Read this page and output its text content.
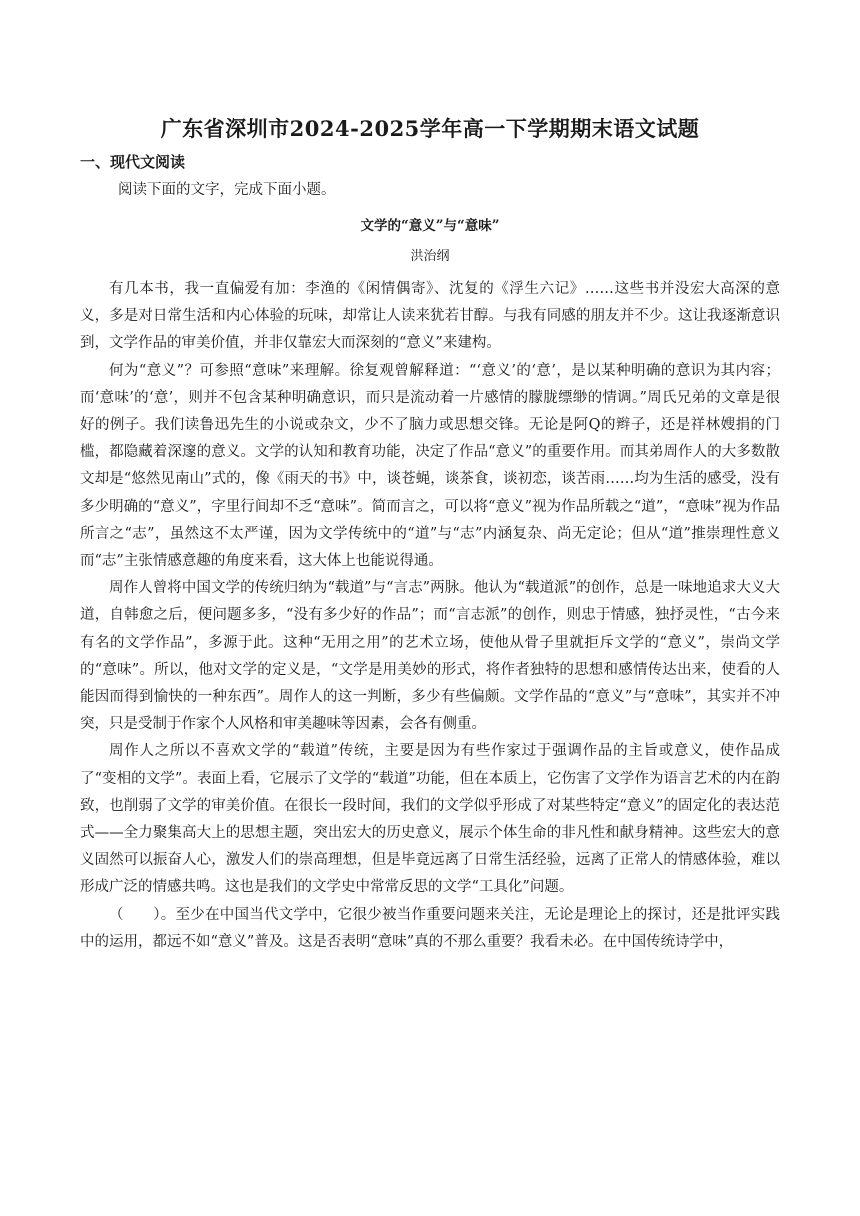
广东省深圳市2024-2025学年高一下学期期末语文试题
一、现代文阅读
阅读下面的文字，完成下面小题。
文学的“意义”与“意味”
洪治纲

有几本书，我一直偏爱有加：李渔的《闲情偶寄》、沈复的《浮生六记》……这些书并没宏大高深的意义，多是对日常生活和内心体验的玩味，却常让人读来犹若甘醇。与我有同感的朋友并不少。这让我逐渐意识到，文学作品的审美价值，并非仅靠宏大而深刻的“意义”来建构。

何为“意义”？可参照“意味”来理解。徐复观曾解释道：“‘意义’的‘意’，是以某种明确的意识为其内容；而‘意味’的‘意’，则并不包含某种明确意识，而只是流动着一片感情的朦胧缥缈的情调。”周氏兄弟的文章是很好的例子。我们读鲁迅先生的小说或杂文，少不了脑力或思想交锋。无论是阿Q的辫子，还是祥林嫂捐的门槛，都隐藏着深邃的意义。文学的认知和教育功能，决定了作品“意义”的重要作用。而其弟周作人的大多数散文却是“悠然见南山”式的，像《雨天的书》中，谈苍蝇，谈茶食，谈初恋，谈苦雨……均为生活的感受，没有多少明确的“意义”，字里行间却不乏“意味”。简而言之，可以将“意义”视为作品所载之“道”，“意味”视为作品所言之“志”，虽然这不太严谨，因为文学传统中的“道”与“志”内涵复杂、尚无定论；但从“道”推崇理性意义而“志”主张情感意趣的角度来看，这大体上也能说得通。

周作人曾将中国文学的传统归纳为“载道”与“言志”两脉。他认为“载道派”的创作，总是一味地追求大义大道，自韩愈之后，便问题多多，“没有多少好的作品”；而“言志派”的创作，则忠于情感，独抒灵性，“古今来有名的文学作品”，多源于此。这种“无用之用”的艺术立场，使他从骨子里就拒斥文学的“意义”，崇尚文学的“意味”。所以，他对文学的定义是，“文学是用美妙的形式，将作者独特的思想和感情传达出来，使看的人能因而得到愉快的一种东西”。周作人的这一判断，多少有些偏颇。文学作品的“意义”与“意味”，其实并不冲突，只是受制于作家个人风格和审美趣味等因素，会各有侧重。

周作人之所以不喜欢文学的“载道”传统，主要是因为有些作家过于强调作品的主旨或意义，使作品成了“变相的文学”。表面上看，它展示了文学的“载道”功能，但在本质上，它伤害了文学作为语言艺术的内在韵致，也削弱了文学的审美价值。在很长一段时间，我们的文学似乎形成了对某些特定“意义”的固定化的表达范式——全力聚集高大上的思想主题，突出宏大的历史意义，展示个体生命的非凡性和献身精神。这些宏大的意义固然可以振奋人心，激发人们的崇高理想，但是毕竟远离了日常生活经验，远离了正常人的情感体验，难以形成广泛的情感共鸣。这也是我们的文学史中常常反思的文学“工具化”问题。

（　　）。至少在中国当代文学中，它很少被当作重要问题来关注，无论是理论上的探讨，还是批评实践中的运用，都远不如“意义”普及。这是否表明“意味”真的不那么重要？我看未必。在中国传统诗学中，
